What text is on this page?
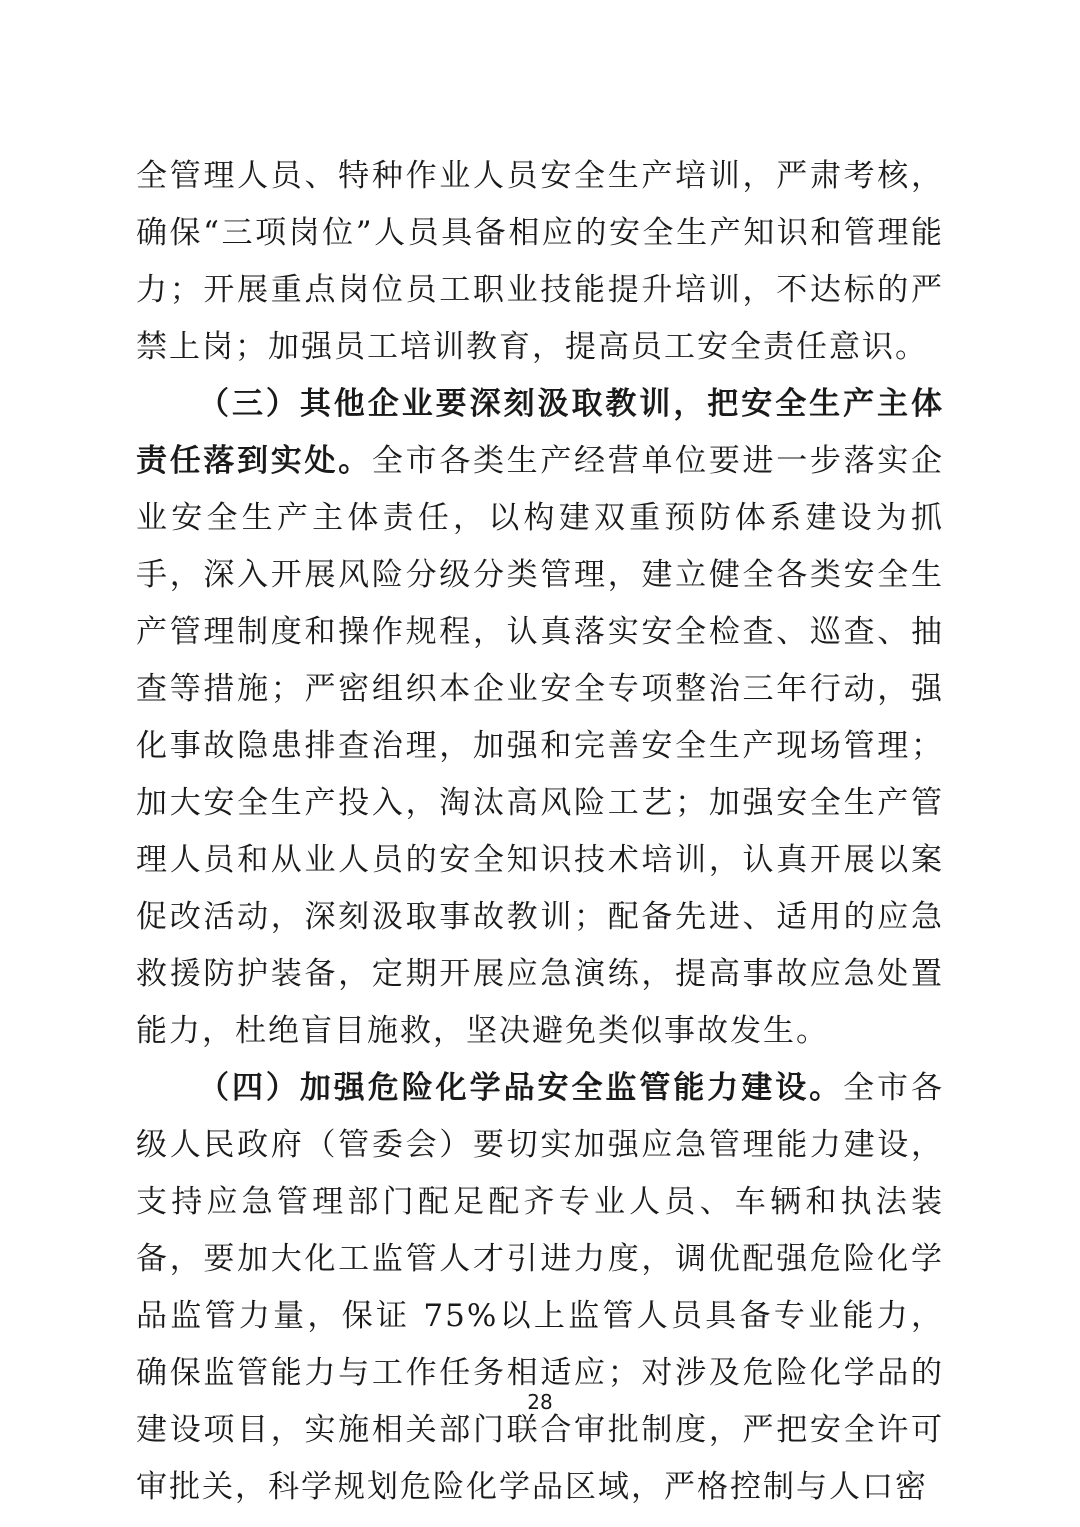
全管理人员、特种作业人员安全生产培训，严肃考核，确保“三项岗位”人员具备相应的安全生产知识和管理能力；开展重点岗位员工职业技能提升培训，不达标的严禁上岗；加强员工培训教育，提高员工安全责任意识。

（三）其他企业要深刻汲取教训，把安全生产主体责任落到实处。全市各类生产经营单位要进一步落实企业安全生产主体责任，以构建双重预防体系建设为抓手，深入开展风险分级分类管理，建立健全各类安全生产管理制度和操作规程，认真落实安全检查、巡查、抽查等措施；严密组织本企业安全专项整治三年行动，强化事故隐患排查治理，加强和完善安全生产现场管理；加大安全生产投入，淘汰高风险工艺；加强安全生产管理人员和从业人员的安全知识技术培训，认真开展以案促改活动，深刻汲取事故教训；配备先进、适用的应急救援防护装备，定期开展应急演练，提高事故应急处置能力，杜绝盲目施救，坚决避免类似事故发生。

（四）加强危险化学品安全监管能力建设。全市各级人民政府（管委会）要切实加强应急管理能力建设，支持应急管理部门配足配齐专业人员、车辆和执法装备，要加大化工监管人才引进力度，调优配强危险化学品监管力量，保证 75%以上监管人员具备专业能力，确保监管能力与工作任务相适应；对涉及危险化学品的建设项目，实施相关部门联合审批制度，严把安全许可审批关，科学规划危险化学品区域，严格控制与人口密

28
